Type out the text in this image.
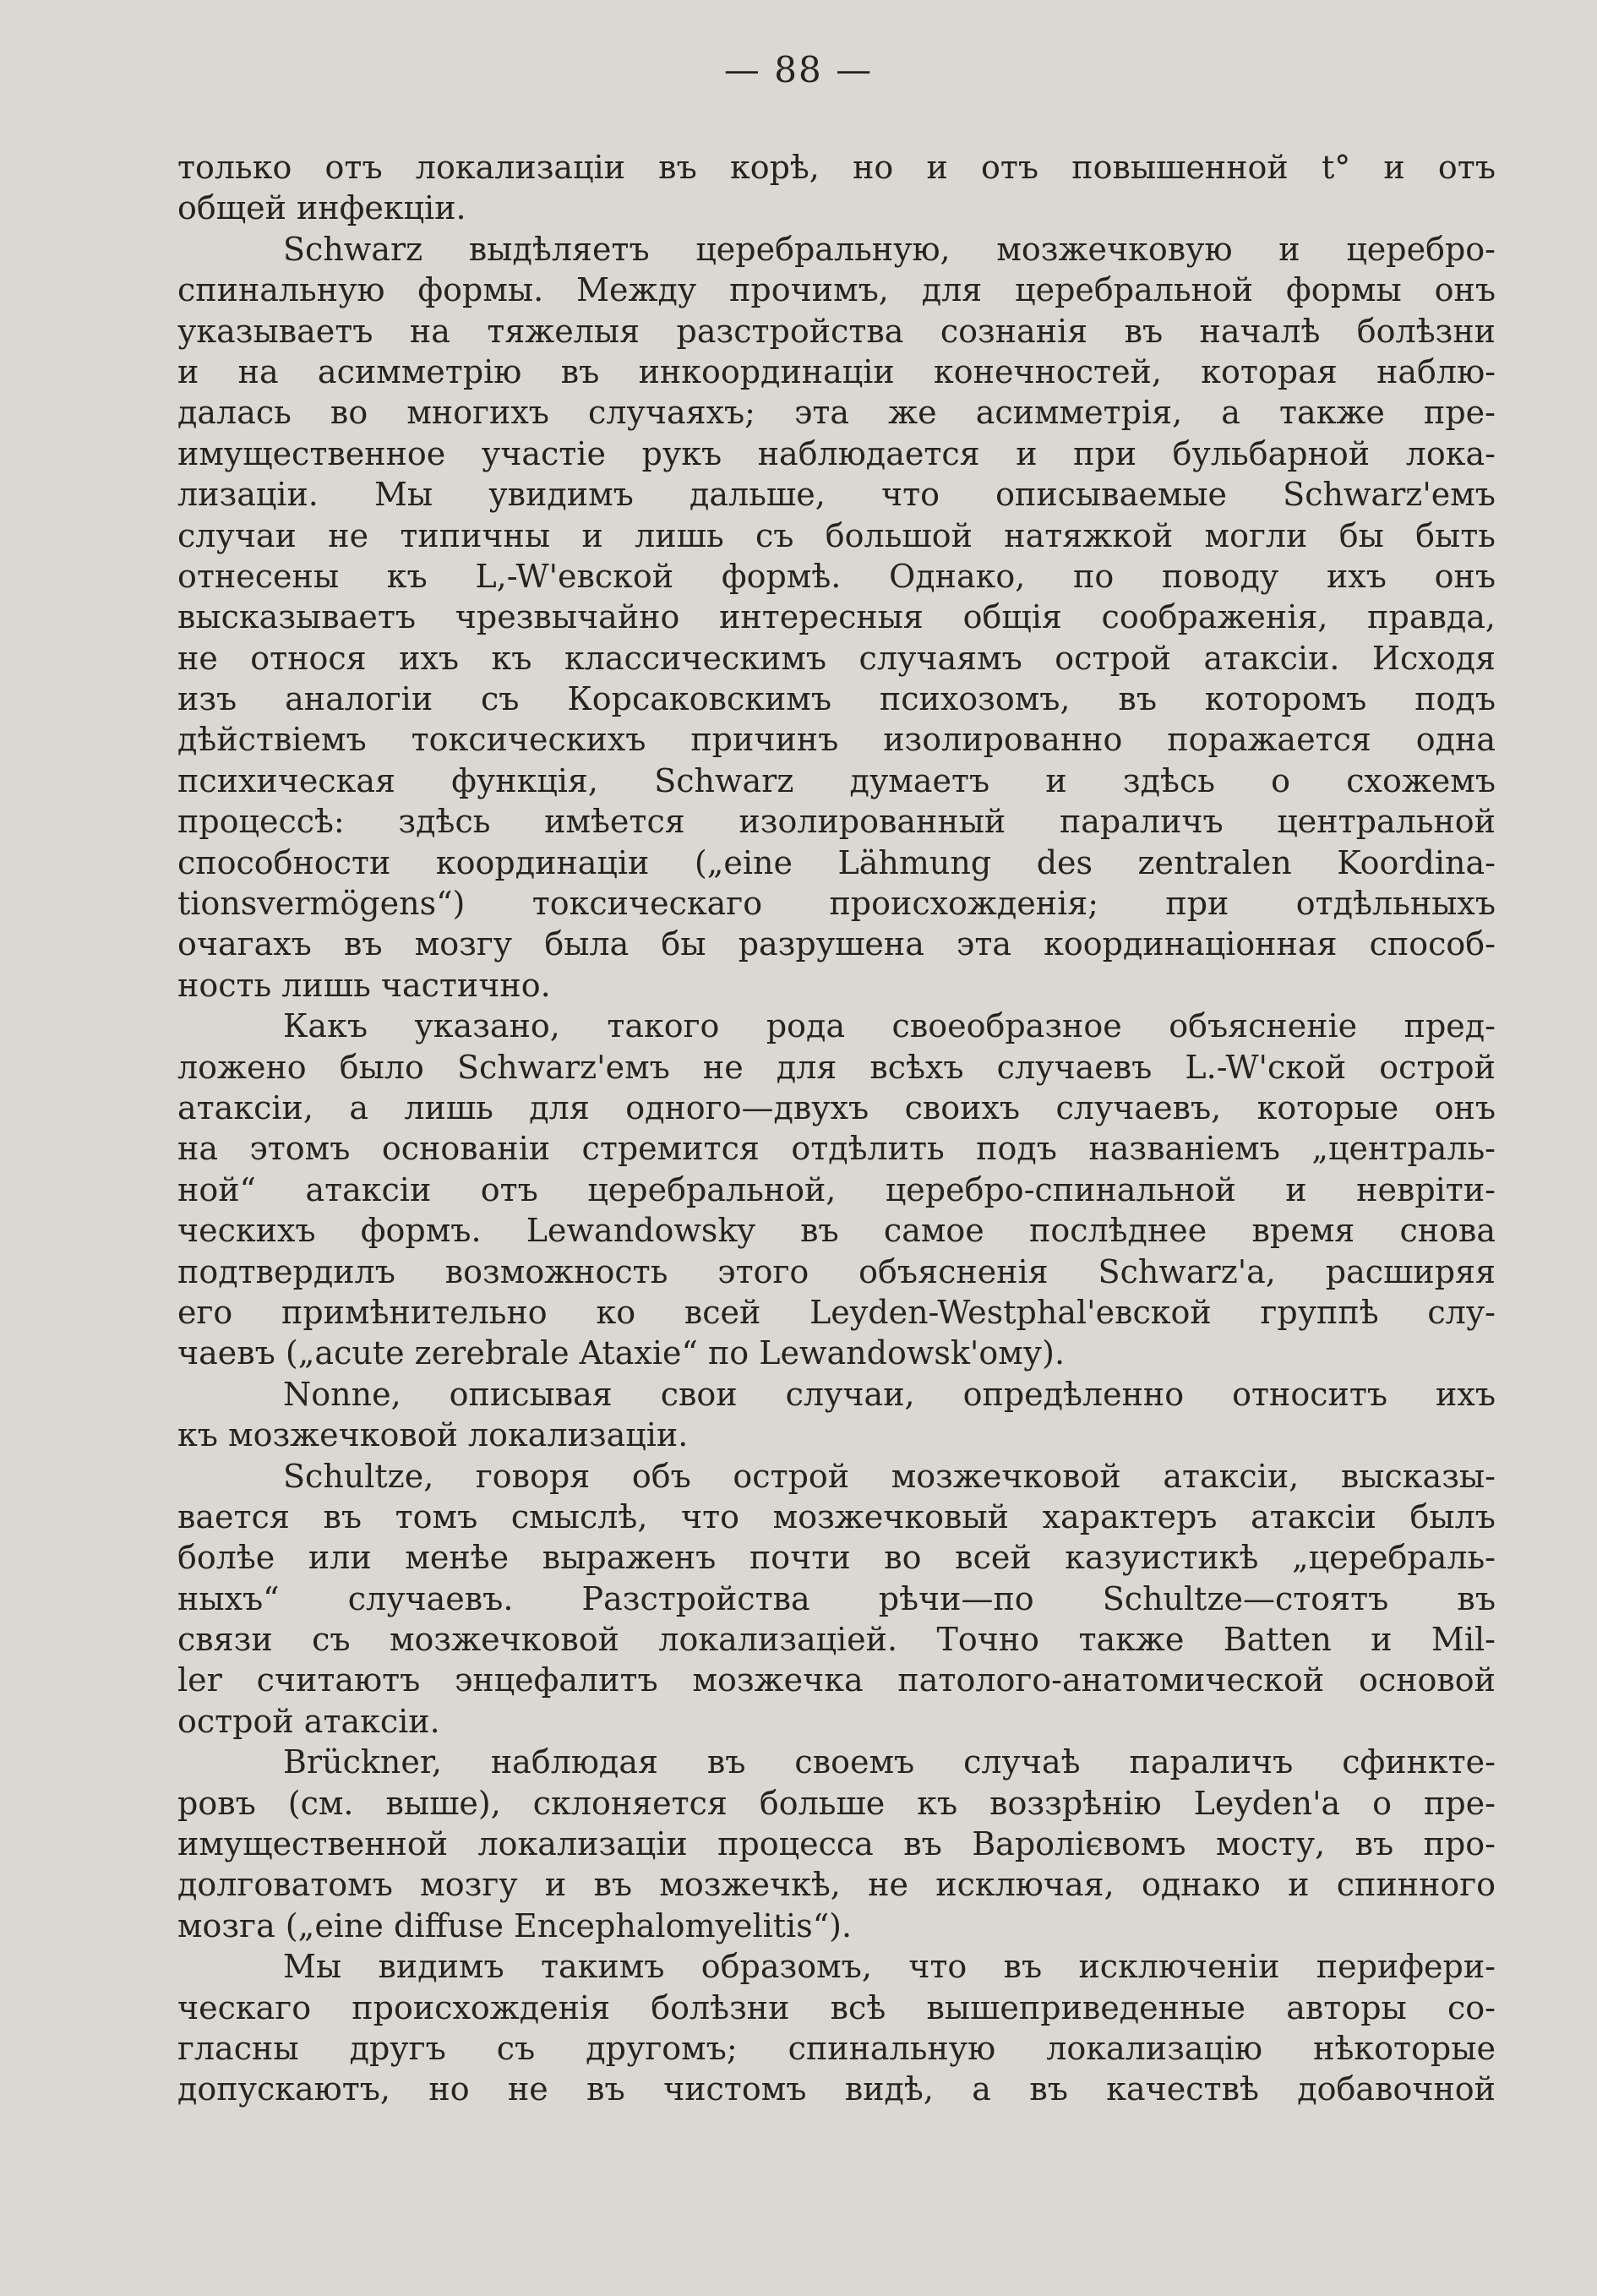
— 88 —
только отъ локализаціи въ корѣ, но и отъ повышенной t° и отъ
общей инфекціи.
Schwarz выдѣляетъ церебральную, мозжечковую и церебро-
спинальную формы. Между прочимъ, для церебральной формы онъ
указываетъ на тяжелыя разстройства сознанія въ началѣ болѣзни
и на асимметрію въ инкоординаціи конечностей, которая наблю-
далась во многихъ случаяхъ; эта же асимметрія, а также пре-
имущественное участіе рукъ наблюдается и при бульбарной лока-
лизаціи. Мы увидимъ дальше, что описываемые Schwarz'емъ
случаи не типичны и лишь съ большой натяжкой могли бы быть
отнесены къ L,-W'евской формѣ. Однако, по поводу ихъ онъ
высказываетъ чрезвычайно интересныя общія соображенія, правда,
не относя ихъ къ классическимъ случаямъ острой атаксіи. Исходя
изъ аналогіи съ Корсаковскимъ психозомъ, въ которомъ подъ
дѣйствіемъ токсическихъ причинъ изолированно поражается одна
психическая функція, Schwarz думаетъ и здѣсь о схожемъ
процессѣ: здѣсь имѣется изолированный параличъ центральной
способности координаціи („eine Lähmung des zentralen Koordina-
tionsvermögens“) токсическаго происхожденія; при отдѣльныхъ
очагахъ въ мозгу была бы разрушена эта координаціонная способ-
ность лишь частично.
Какъ указано, такого рода своеобразное объясненіе пред-
ложено было Schwarz'емъ не для всѣхъ случаевъ L.-W'ской острой
атаксіи, а лишь для одного—двухъ своихъ случаевъ, которые онъ
на этомъ основаніи стремится отдѣлить подъ названіемъ „централь-
ной“ атаксіи отъ церебральной, церебро-спинальной и невріти-
ческихъ формъ. Lewandowsky въ самое послѣднее время снова
подтвердилъ возможность этого объясненія Schwarz'а, расширяя
его примѣнительно ко всей Leyden-Westphal'евской группѣ слу-
чаевъ („acute zerebrale Ataxie“ по Lewandowsk'ому).
Nonne, описывая свои случаи, опредѣленно относитъ ихъ
къ мозжечковой локализаціи.
Schultze, говоря объ острой мозжечковой атаксіи, высказы-
вается въ томъ смыслѣ, что мозжечковый характеръ атаксіи былъ
болѣе или менѣе выраженъ почти во всей казуистикѣ „церебраль-
ныхъ“ случаевъ. Разстройства рѣчи—по Schultze—стоятъ въ
связи съ мозжечковой локализаціей. Точно также Batten и Mil-
ler считаютъ энцефалитъ мозжечка патолого-анатомической основой
острой атаксіи.
Brückner, наблюдая въ своемъ случаѣ параличъ сфинкте-
ровъ (см. выше), склоняется больше къ воззрѣнію Leyden'а о пре-
имущественной локализаціи процесса въ Варолієвомъ мосту, въ про-
долговатомъ мозгу и въ мозжечкѣ, не исключая, однако и спинного
мозга („eine diffuse Encephalomyelitis“).
Мы видимъ такимъ образомъ, что въ исключеніи перифери-
ческаго происхожденія болѣзни всѣ вышеприведенные авторы со-
гласны другъ съ другомъ; спинальную локализацію нѣкоторые
допускаютъ, но не въ чистомъ видѣ, а въ качествѣ добавочной
